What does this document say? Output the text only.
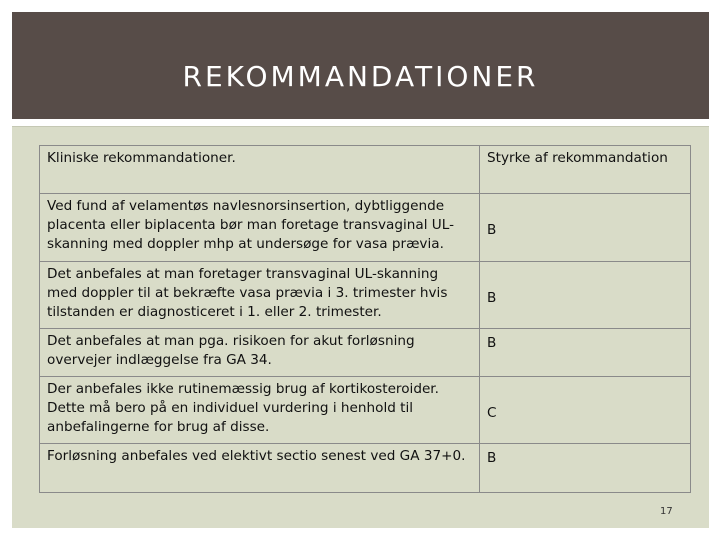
REKOMMANDATIONER
Kliniske rekommandationer.	Styrke af rekommandation
Ved fund af velamentøs navlesnorsinsertion, dybtliggende placenta eller biplacenta bør man foretage transvaginal UL-skanning med doppler mhp at undersøge for vasa prævia.	B
Det anbefales at man foretager transvaginal UL-skanning med doppler til at bekræfte vasa prævia i 3. trimester hvis tilstanden er diagnosticeret i 1. eller 2. trimester.	B
Det anbefales at man pga. risikoen for akut forløsning overvejer indlæggelse fra GA 34.	B
Der anbefales ikke rutinemæssig brug af kortikosteroider. Dette må bero på en individuel vurdering i henhold til anbefalingerne for brug af disse.	C
Forløsning anbefales ved elektivt sectio senest ved GA 37+0.	B
17
